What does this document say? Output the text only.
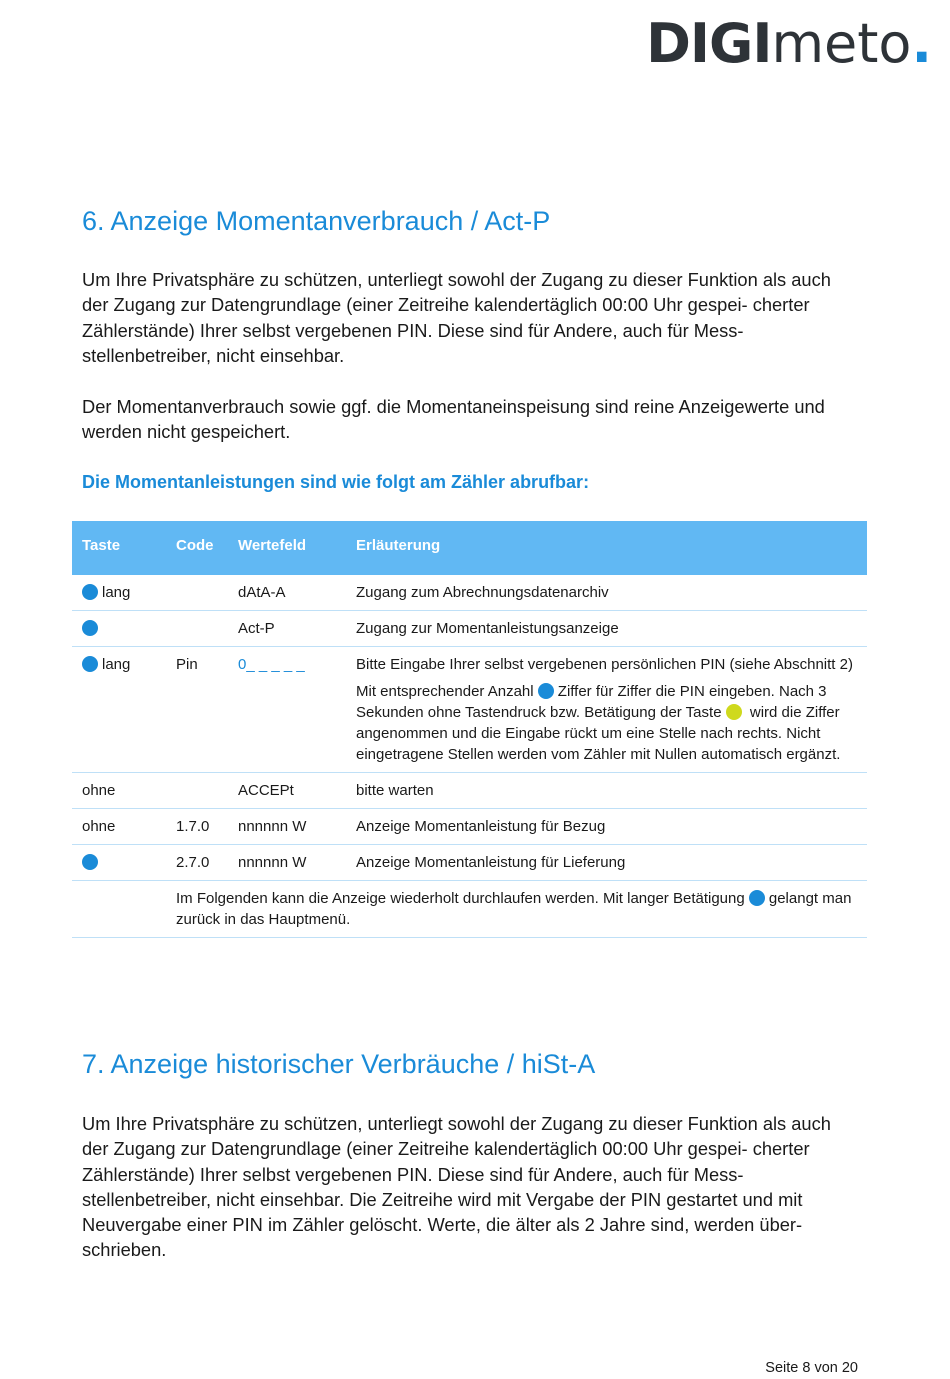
DIGImeto.
6. Anzeige Momentanverbrauch / Act-P

Um Ihre Privatsphäre zu schützen, unterliegt sowohl der Zugang zu dieser Funktion als auch der Zugang zur Datengrundlage (einer Zeitreihe kalendertäglich 00:00 Uhr gespei- cherter Zählerstände) Ihrer selbst vergebenen PIN. Diese sind für Andere, auch für Mess- stellenbetreiber, nicht einsehbar.

Der Momentanverbrauch sowie ggf. die Momentaneinspeisung sind reine Anzeigewerte und werden nicht gespeichert.

Die Momentanleistungen sind wie folgt am Zähler abrufbar:

Taste	Code	Wertefeld	Erläuterung
lang		dAtA-A	Zugang zum Abrechnungsdatenarchiv
		Act-P	Zugang zur Momentanleistungsanzeige
lang	Pin	0_ _ _ _ _	Bitte Eingabe Ihrer selbst vergebenen persönlichen PIN (siehe Abschnitt 2)

Mit entsprechender Anzahl Ziffer für Ziffer die PIN eingeben. Nach 3 Sekunden ohne Tastendruck bzw. Betätigung der Taste wird die Ziffer angenommen und die Eingabe rückt um eine Stelle nach rechts. Nicht eingetragene Stellen werden vom Zähler mit Nullen automatisch ergänzt.

ohne		ACCEPt	bitte warten
ohne	1.7.0	nnnnnn W	Anzeige Momentanleistung für Bezug
	2.7.0	nnnnnn W	Anzeige Momentanleistung für Lieferung
	Im Folgenden kann die Anzeige wiederholt durchlaufen werden. Mit langer Betätigung gelangt man zurück in das Hauptmenü.		
7. Anzeige historischer Verbräuche / hiSt-A

Um Ihre Privatsphäre zu schützen, unterliegt sowohl der Zugang zu dieser Funktion als auch der Zugang zur Datengrundlage (einer Zeitreihe kalendertäglich 00:00 Uhr gespei- cherter Zählerstände) Ihrer selbst vergebenen PIN. Diese sind für Andere, auch für Mess- stellenbetreiber, nicht einsehbar. Die Zeitreihe wird mit Vergabe der PIN gestartet und mit Neuvergabe einer PIN im Zähler gelöscht. Werte, die älter als 2 Jahre sind, werden über- schrieben.

Seite 8 von 20
